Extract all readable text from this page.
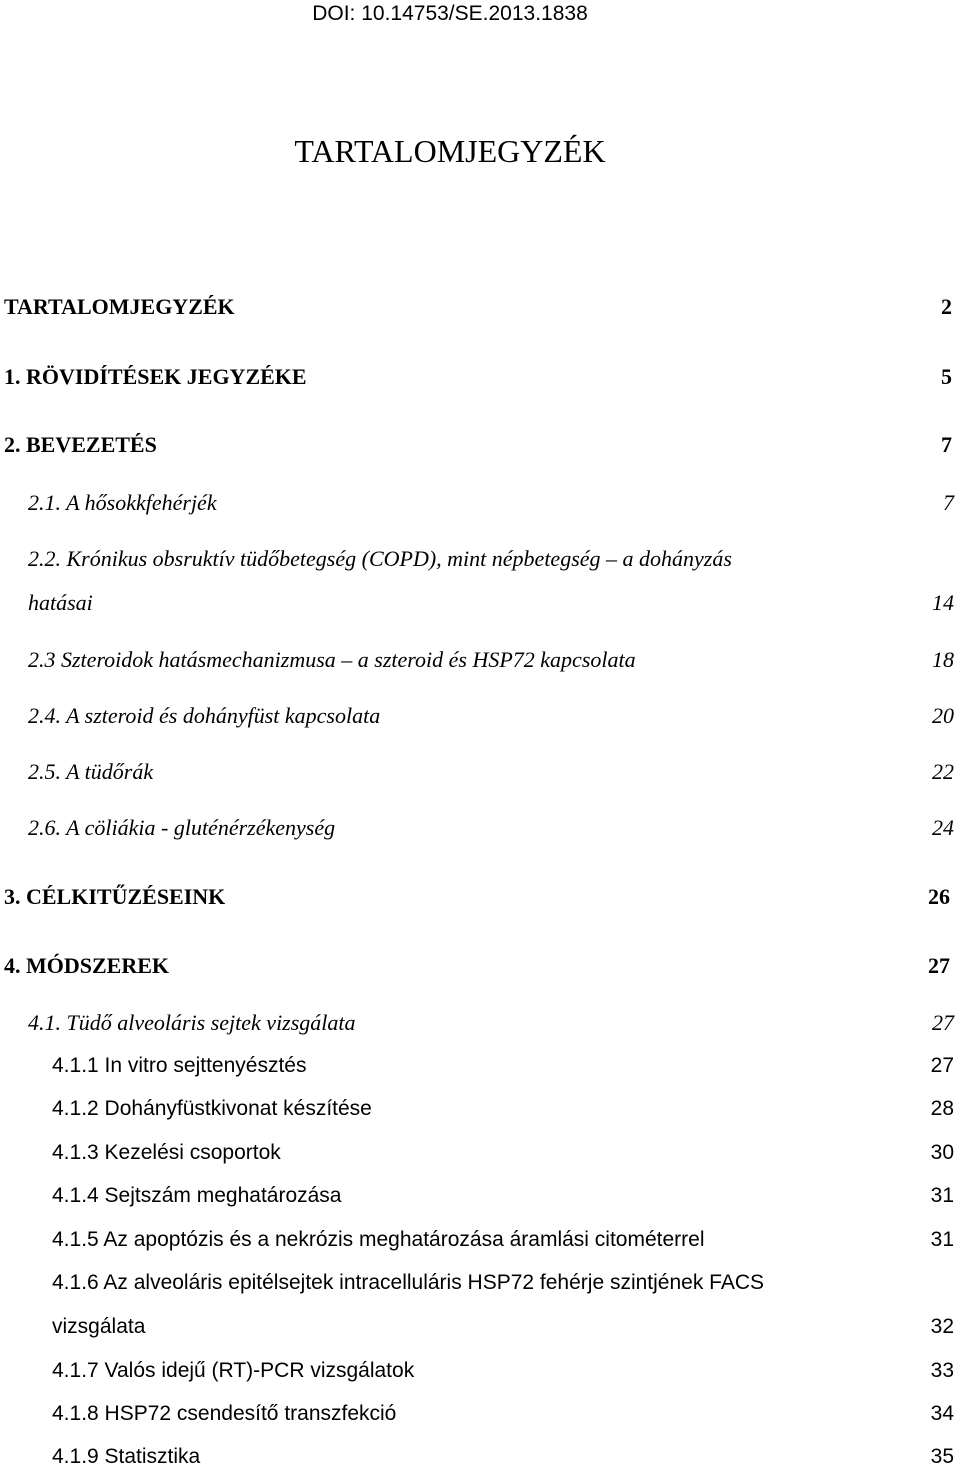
DOI: 10.14753/SE.2013.1838
TARTALOMJEGYZÉK
TARTALOMJEGYZÉK	2
1. RÖVIDÍTÉSEK JEGYZÉKE	5
2. BEVEZETÉS	7
2.1. A hősokkfehérjék	7
2.2. Krónikus obsruktív tüdőbetegség (COPD), mint népbetegség – a dohányzás
hatásai	14
2.3 Szteroidok hatásmechanizmusa – a szteroid és HSP72 kapcsolata	18
2.4. A szteroid és dohányfüst kapcsolata	20
2.5. A tüdőrák	22
2.6. A cöliákia - gluténérzékenység	24
3. CÉLKITŰZÉSEINK	26
4. MÓDSZEREK	27
4.1. Tüdő alveoláris sejtek vizsgálata	27
4.1.1 In vitro sejttenyésztés	27
4.1.2 Dohányfüstkivonat készítése	28
4.1.3 Kezelési csoportok	30
4.1.4 Sejtszám meghatározása	31
4.1.5 Az apoptózis és a nekrózis meghatározása áramlási citométerrel	31
4.1.6 Az alveoláris epitélsejtek intracelluláris HSP72 fehérje szintjének FACS
vizsgálata	32
4.1.7 Valós idejű (RT)-PCR vizsgálatok	33
4.1.8 HSP72 csendesítő transzfekció	34
4.1.9 Statisztika	35
